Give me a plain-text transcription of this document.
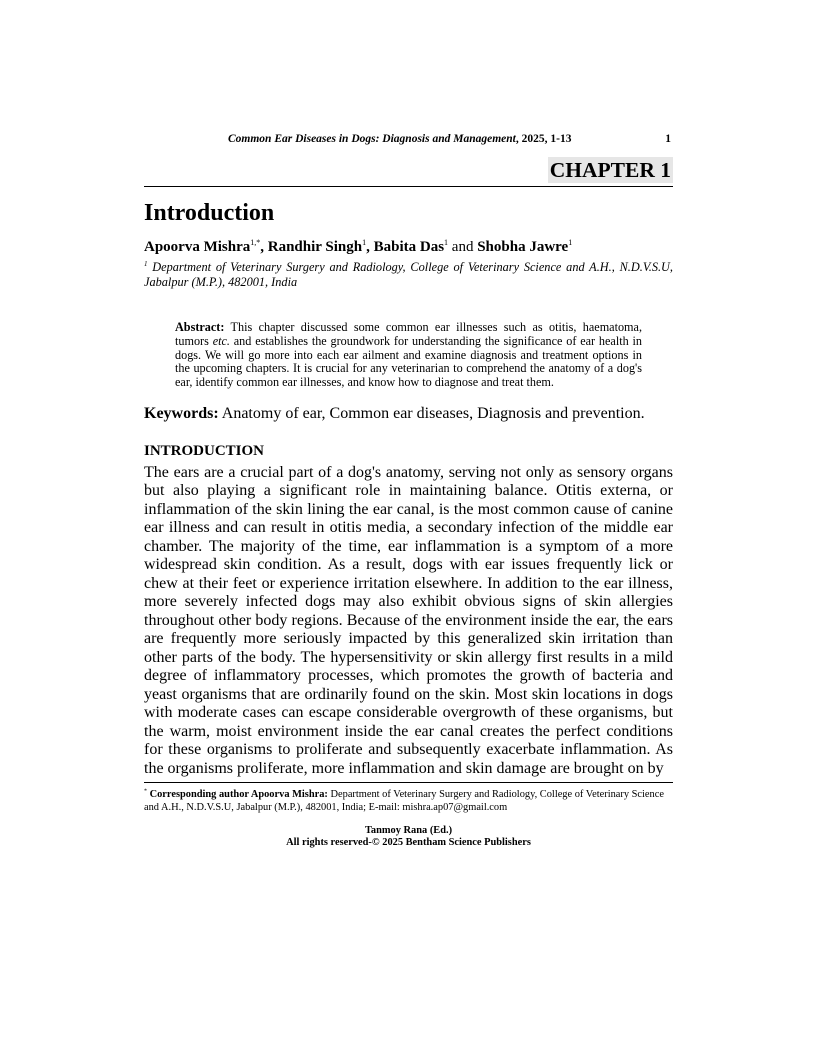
Common Ear Diseases in Dogs: Diagnosis and Management, 2025, 1-13	1
CHAPTER 1
Introduction
Apoorva Mishra$^{1,*}$, Randhir Singh$^1$, Babita Das$^1$ and Shobha Jawre$^1$
$^1$ Department of Veterinary Surgery and Radiology, College of Veterinary Science and A.H., N.D.V.S.U, Jabalpur (M.P.), 482001, India
Abstract: This chapter discussed some common ear illnesses such as otitis, haematoma, tumors etc. and establishes the groundwork for understanding the significance of ear health in dogs. We will go more into each ear ailment and examine diagnosis and treatment options in the upcoming chapters. It is crucial for any veterinarian to comprehend the anatomy of a dog's ear, identify common ear illnesses, and know how to diagnose and treat them.
Keywords: Anatomy of ear, Common ear diseases, Diagnosis and prevention.
INTRODUCTION
The ears are a crucial part of a dog's anatomy, serving not only as sensory organs but also playing a significant role in maintaining balance. Otitis externa, or inflammation of the skin lining the ear canal, is the most common cause of canine ear illness and can result in otitis media, a secondary infection of the middle ear chamber. The majority of the time, ear inflammation is a symptom of a more widespread skin condition. As a result, dogs with ear issues frequently lick or chew at their feet or experience irritation elsewhere. In addition to the ear illness, more severely infected dogs may also exhibit obvious signs of skin allergies throughout other body regions. Because of the environment inside the ear, the ears are frequently more seriously impacted by this generalized skin irritation than other parts of the body. The hypersensitivity or skin allergy first results in a mild degree of inflammatory processes, which promotes the growth of bacteria and yeast organisms that are ordinarily found on the skin. Most skin locations in dogs with moderate cases can escape considerable overgrowth of these organisms, but the warm, moist environment inside the ear canal creates the perfect conditions for these organisms to proliferate and subsequently exacerbate inflammation. As the organisms proliferate, more inflammation and skin damage are brought on by
* Corresponding author Apoorva Mishra: Department of Veterinary Surgery and Radiology, College of Veterinary Science and A.H., N.D.V.S.U, Jabalpur (M.P.), 482001, India; E-mail: mishra.ap07@gmail.com
Tanmoy Rana (Ed.)
All rights reserved-© 2025 Bentham Science Publishers
